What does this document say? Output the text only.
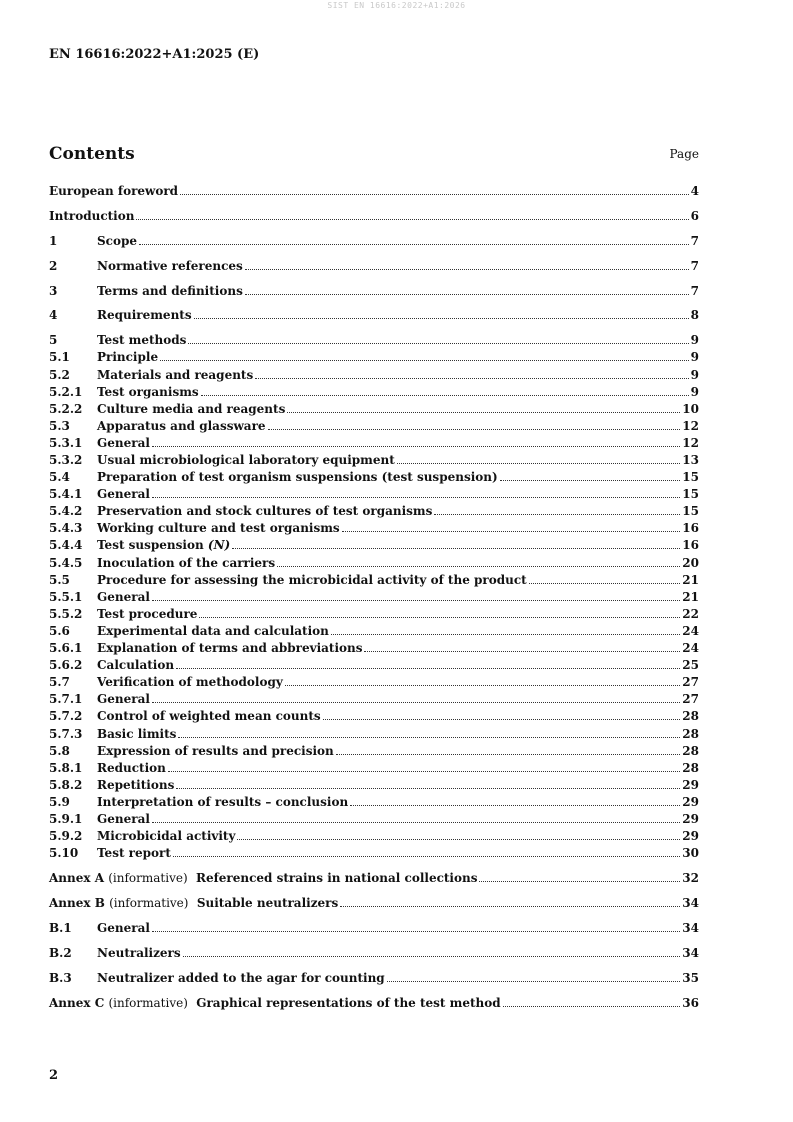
SIST EN 16616:2022+A1:2026
EN 16616:2022+A1:2025 (E)
Contents	Page
European foreword	4
Introduction	6
1	Scope	7
2	Normative references	7
3	Terms and definitions	7
4	Requirements	8
5	Test methods	9
5.1	Principle	9
5.2	Materials and reagents	9
5.2.1	Test organisms	9
5.2.2	Culture media and reagents	10
5.3	Apparatus and glassware	12
5.3.1	General	12
5.3.2	Usual microbiological laboratory equipment	13
5.4	Preparation of test organism suspensions (test suspension)	15
5.4.1	General	15
5.4.2	Preservation and stock cultures of test organisms	15
5.4.3	Working culture and test organisms	16
5.4.4	Test suspension (N)	16
5.4.5	Inoculation of the carriers	20
5.5	Procedure for assessing the microbicidal activity of the product	21
5.5.1	General	21
5.5.2	Test procedure	22
5.6	Experimental data and calculation	24
5.6.1	Explanation of terms and abbreviations	24
5.6.2	Calculation	25
5.7	Verification of methodology	27
5.7.1	General	27
5.7.2	Control of weighted mean counts	28
5.7.3	Basic limits	28
5.8	Expression of results and precision	28
5.8.1	Reduction	28
5.8.2	Repetitions	29
5.9	Interpretation of results – conclusion	29
5.9.1	General	29
5.9.2	Microbicidal activity	29
5.10	Test report	30
Annex A (informative) Referenced strains in national collections	32
Annex B (informative) Suitable neutralizers	34
B.1	General	34
B.2	Neutralizers	34
B.3	Neutralizer added to the agar for counting	35
Annex C (informative) Graphical representations of the test method	36
2
